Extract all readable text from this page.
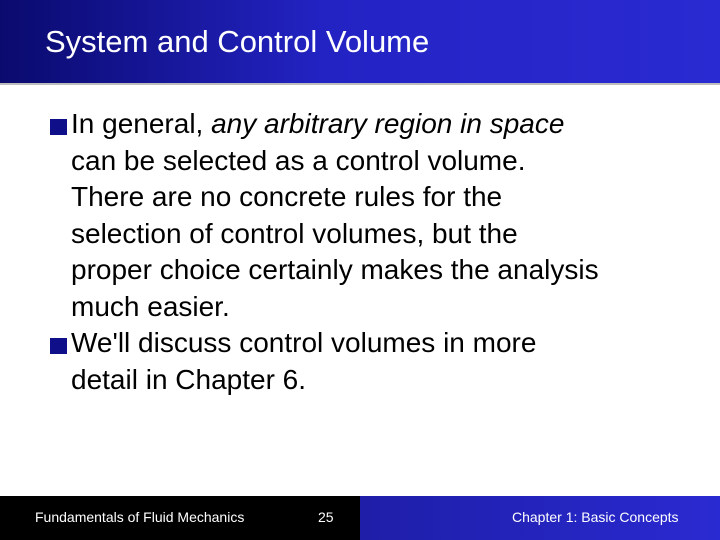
System and Control Volume
In general, any arbitrary region in space
can be selected as a control volume.
There are no concrete rules for the
selection of control volumes, but the
proper choice certainly makes the analysis
much easier.
We'll discuss control volumes in more
detail in Chapter 6.
Fundamentals of Fluid Mechanics	25	Chapter 1: Basic Concepts
